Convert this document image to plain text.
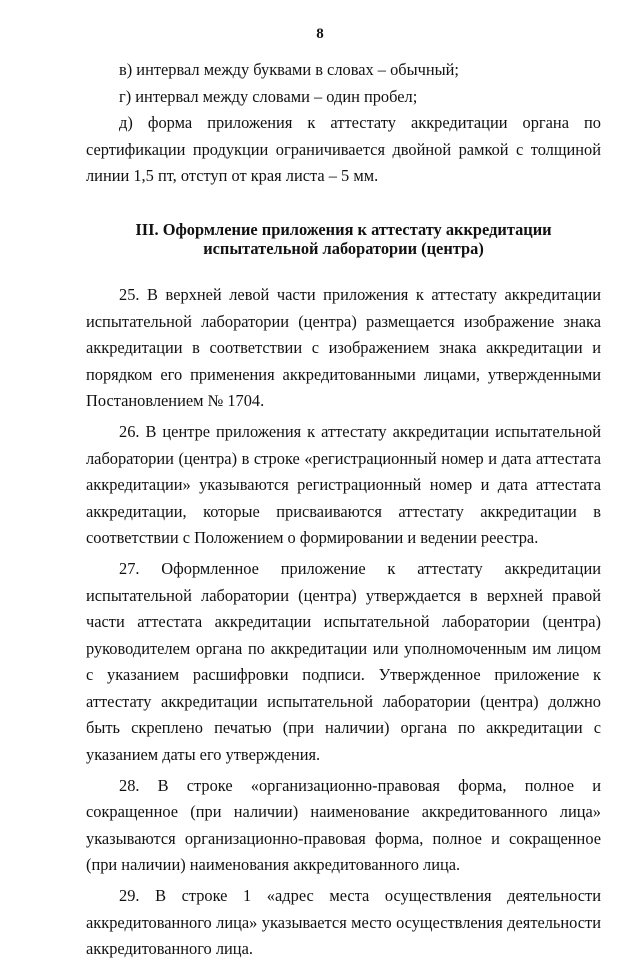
8

в) интервал между буквами в словах – обычный;

г) интервал между словами – один пробел;

д) форма приложения к аттестату аккредитации органа по сертификации продукции ограничивается двойной рамкой с толщиной линии 1,5 пт, отступ от края листа – 5 мм.

III. Оформление приложения к аттестату аккредитации
испытательной лаборатории (центра)

25. В верхней левой части приложения к аттестату аккредитации испытательной лаборатории (центра) размещается изображение знака аккредитации в соответствии с изображением знака аккредитации и порядком его применения аккредитованными лицами, утвержденными Постановлением № 1704.

26. В центре приложения к аттестату аккредитации испытательной лаборатории (центра) в строке «регистрационный номер и дата аттестата аккредитации» указываются регистрационный номер и дата аттестата аккредитации, которые присваиваются аттестату аккредитации в соответствии с Положением о формировании и ведении реестра.

27. Оформленное приложение к аттестату аккредитации испытательной лаборатории (центра) утверждается в верхней правой части аттестата аккредитации испытательной лаборатории (центра) руководителем органа по аккредитации или уполномоченным им лицом с указанием расшифровки подписи. Утвержденное приложение к аттестату аккредитации испытательной лаборатории (центра) должно быть скреплено печатью (при наличии) органа по аккредитации с указанием даты его утверждения.

28. В строке «организационно-правовая форма, полное и сокращенное (при наличии) наименование аккредитованного лица» указываются организационно-правовая форма, полное и сокращенное (при наличии) наименования аккредитованного лица.

29. В строке 1 «адрес места осуществления деятельности аккредитованного лица» указывается место осуществления деятельности аккредитованного лица.
